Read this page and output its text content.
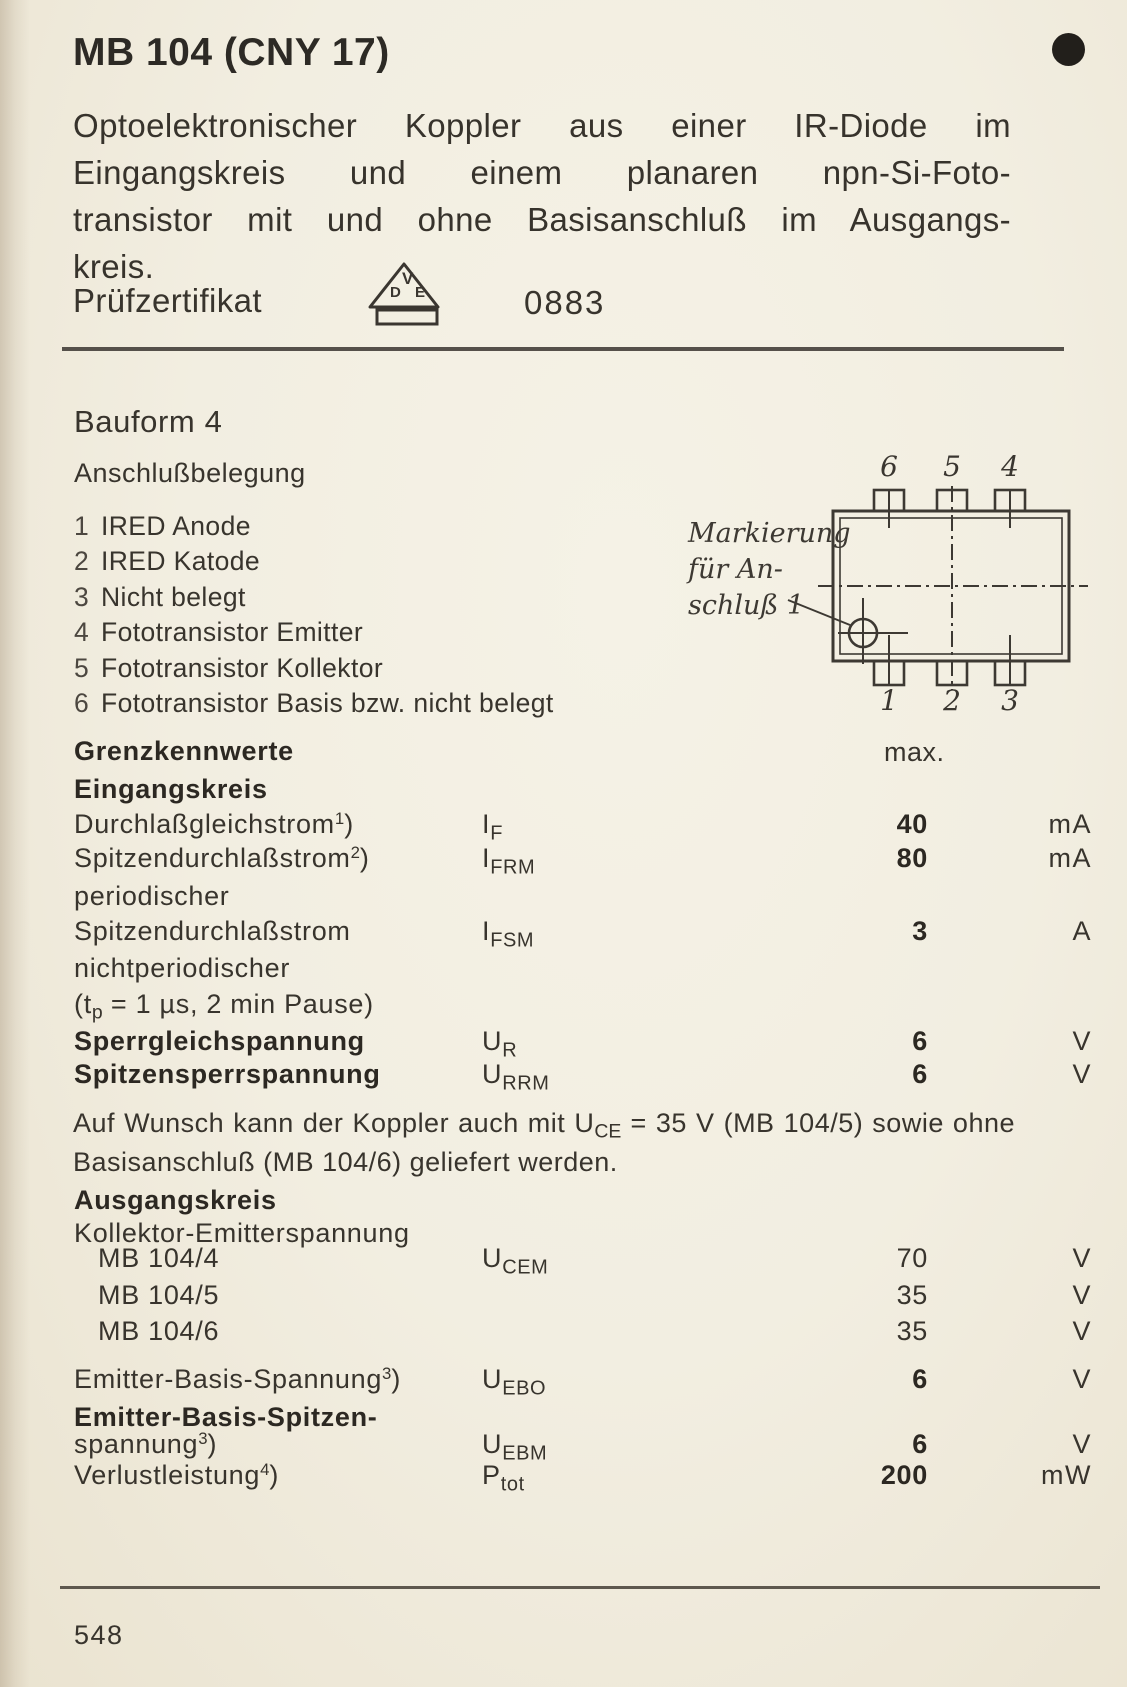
MB 104 (CNY 17)
Optoelektronischer Koppler aus einer IR-Diode im
Eingangskreis und einem planaren npn-Si-Foto-
transistor mit und ohne Basisanschluß im Ausgangs-
kreis.
Prüfzertifikat
V
D E	0883
Bauform 4
Anschlußbelegung
1 IRED Anode
2 IRED Katode
3 Nicht belegt
4 Fototransistor Emitter
5 Fototransistor Kollektor
6 Fototransistor Basis bzw. nicht belegt
6 5 4
1 2 3
Markierung
für An-
schluß 1
Grenzkennwerte	max.
Eingangskreis
Durchlaßgleichstrom$^1$)	$I_F$	40	mA
Spitzendurchlaßstrom$^2$)	$I_{FRM}$	80	mA
periodischer
Spitzendurchlaßstrom	$I_{FSM}$	3	A
nichtperiodischer
($t_p = 1$ µs, 2 min Pause)
Sperrgleichspannung	$U_R$	6	V
Spitzensperrspannung	$U_{RRM}$	6	V
Auf Wunsch kann der Koppler auch mit $U_{CE} = 35$ V (MB 104/5) sowie ohne
Basisanschluß (MB 104/6) geliefert werden.
Ausgangskreis
Kollektor-Emitterspannung
MB 104/4	$U_{CEM}$	70	V
MB 104/5	35	V
MB 104/6	35	V
Emitter-Basis-Spannung$^3$)	$U_{EBO}$	6	V
Emitter-Basis-Spitzen-
spannung$^3$)	$U_{EBM}$	6	V
Verlustleistung$^4$)	$P_{tot}$	200	mW
548
